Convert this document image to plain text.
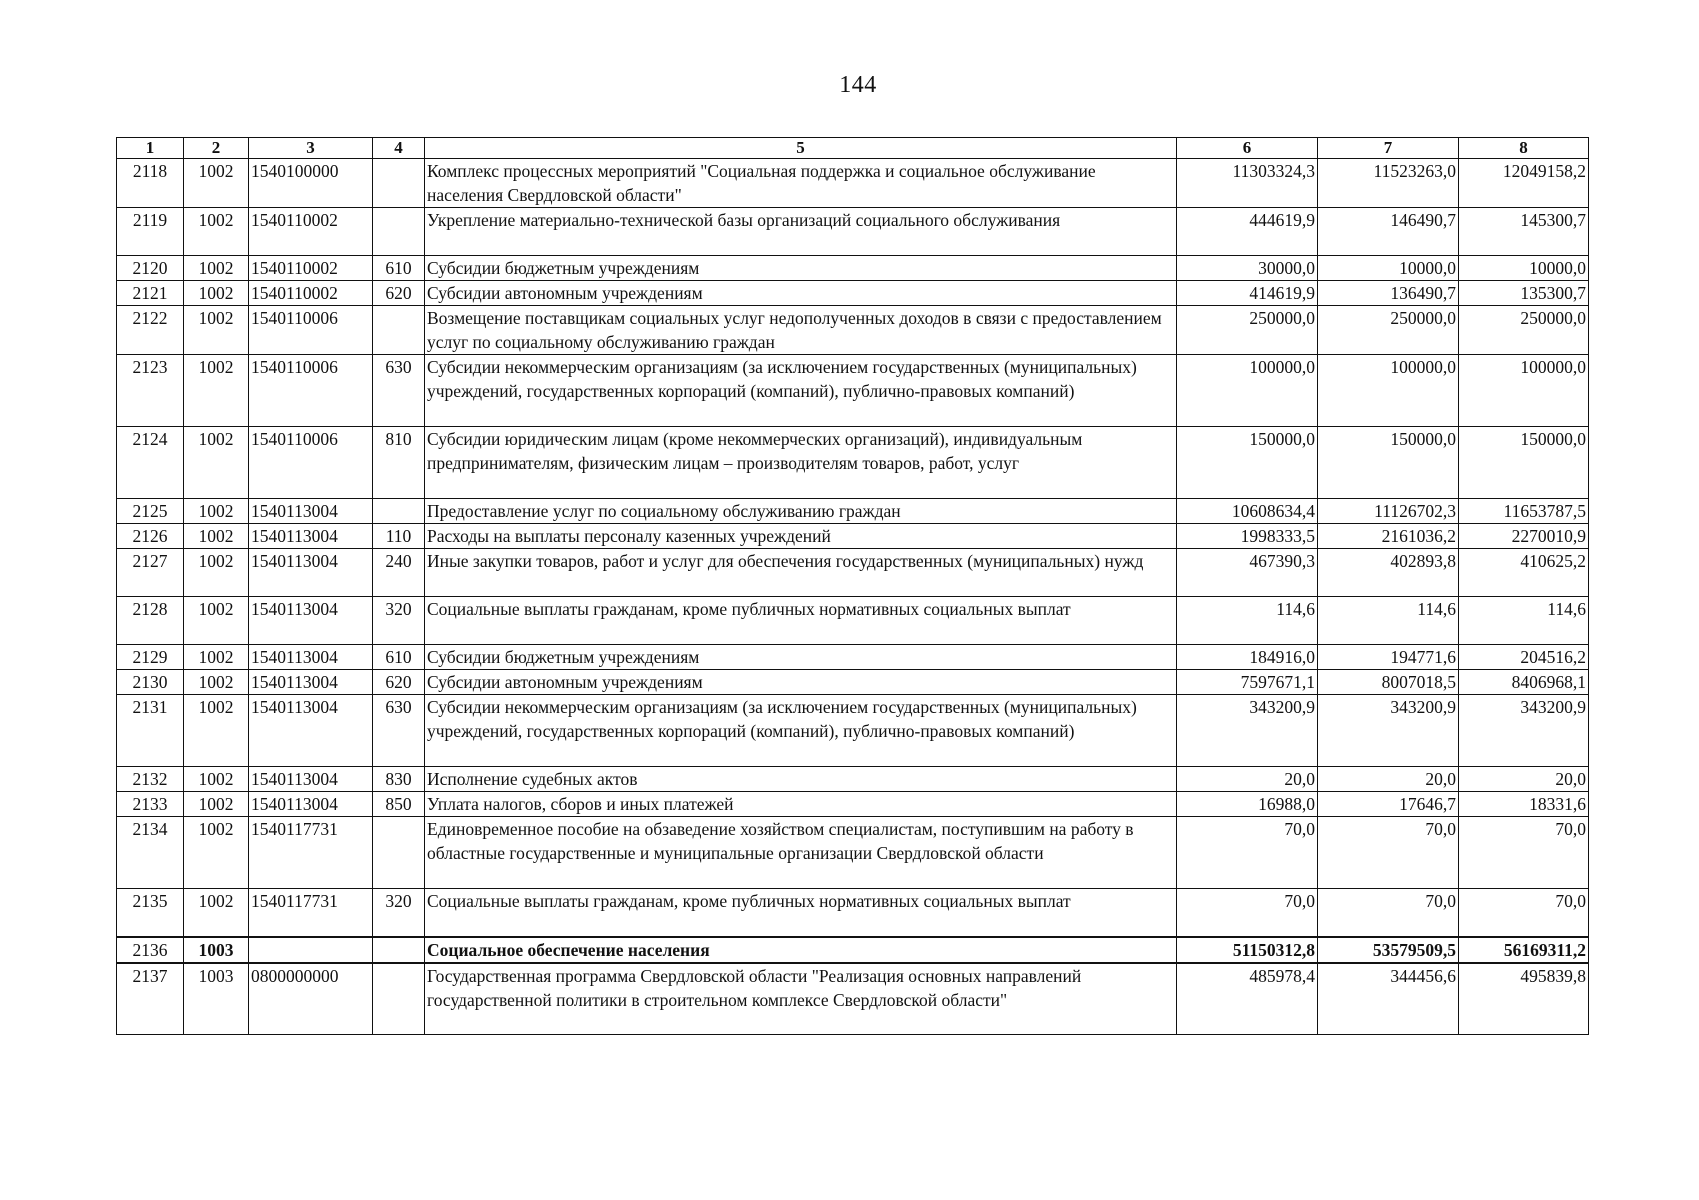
144
1	2	3	4	5	6	7	8
2118	1002	1540100000		Комплекс процессных мероприятий "Социальная поддержка и социальное обслуживание населения Свердловской области"	11303324,3	11523263,0	12049158,2
2119	1002	1540110002		Укрепление материально-технической базы организаций социального обслуживания	444619,9	146490,7	145300,7
2120	1002	1540110002	610	Субсидии бюджетным учреждениям	30000,0	10000,0	10000,0
2121	1002	1540110002	620	Субсидии автономным учреждениям	414619,9	136490,7	135300,7
2122	1002	1540110006		Возмещение поставщикам социальных услуг недополученных доходов в связи с предоставлением услуг по социальному обслуживанию граждан	250000,0	250000,0	250000,0
2123	1002	1540110006	630	Субсидии некоммерческим организациям (за исключением государственных (муниципальных) учреждений, государственных корпораций (компаний), публично-правовых компаний)	100000,0	100000,0	100000,0
2124	1002	1540110006	810	Субсидии юридическим лицам (кроме некоммерческих организаций), индивидуальным предпринимателям, физическим лицам – производителям товаров, работ, услуг	150000,0	150000,0	150000,0
2125	1002	1540113004		Предоставление услуг по социальному обслуживанию граждан	10608634,4	11126702,3	11653787,5
2126	1002	1540113004	110	Расходы на выплаты персоналу казенных учреждений	1998333,5	2161036,2	2270010,9
2127	1002	1540113004	240	Иные закупки товаров, работ и услуг для обеспечения государственных (муниципальных) нужд	467390,3	402893,8	410625,2
2128	1002	1540113004	320	Социальные выплаты гражданам, кроме публичных нормативных социальных выплат	114,6	114,6	114,6
2129	1002	1540113004	610	Субсидии бюджетным учреждениям	184916,0	194771,6	204516,2
2130	1002	1540113004	620	Субсидии автономным учреждениям	7597671,1	8007018,5	8406968,1
2131	1002	1540113004	630	Субсидии некоммерческим организациям (за исключением государственных (муниципальных) учреждений, государственных корпораций (компаний), публично-правовых компаний)	343200,9	343200,9	343200,9
2132	1002	1540113004	830	Исполнение судебных актов	20,0	20,0	20,0
2133	1002	1540113004	850	Уплата налогов, сборов и иных платежей	16988,0	17646,7	18331,6
2134	1002	1540117731		Единовременное пособие на обзаведение хозяйством специалистам, поступившим на работу в областные государственные и муниципальные организации Свердловской области	70,0	70,0	70,0
2135	1002	1540117731	320	Социальные выплаты гражданам, кроме публичных нормативных социальных выплат	70,0	70,0	70,0
2136	1003			Социальное обеспечение населения	51150312,8	53579509,5	56169311,2
2137	1003	0800000000		Государственная программа Свердловской области "Реализация основных направлений государственной политики в строительном комплексе Свердловской области"	485978,4	344456,6	495839,8
